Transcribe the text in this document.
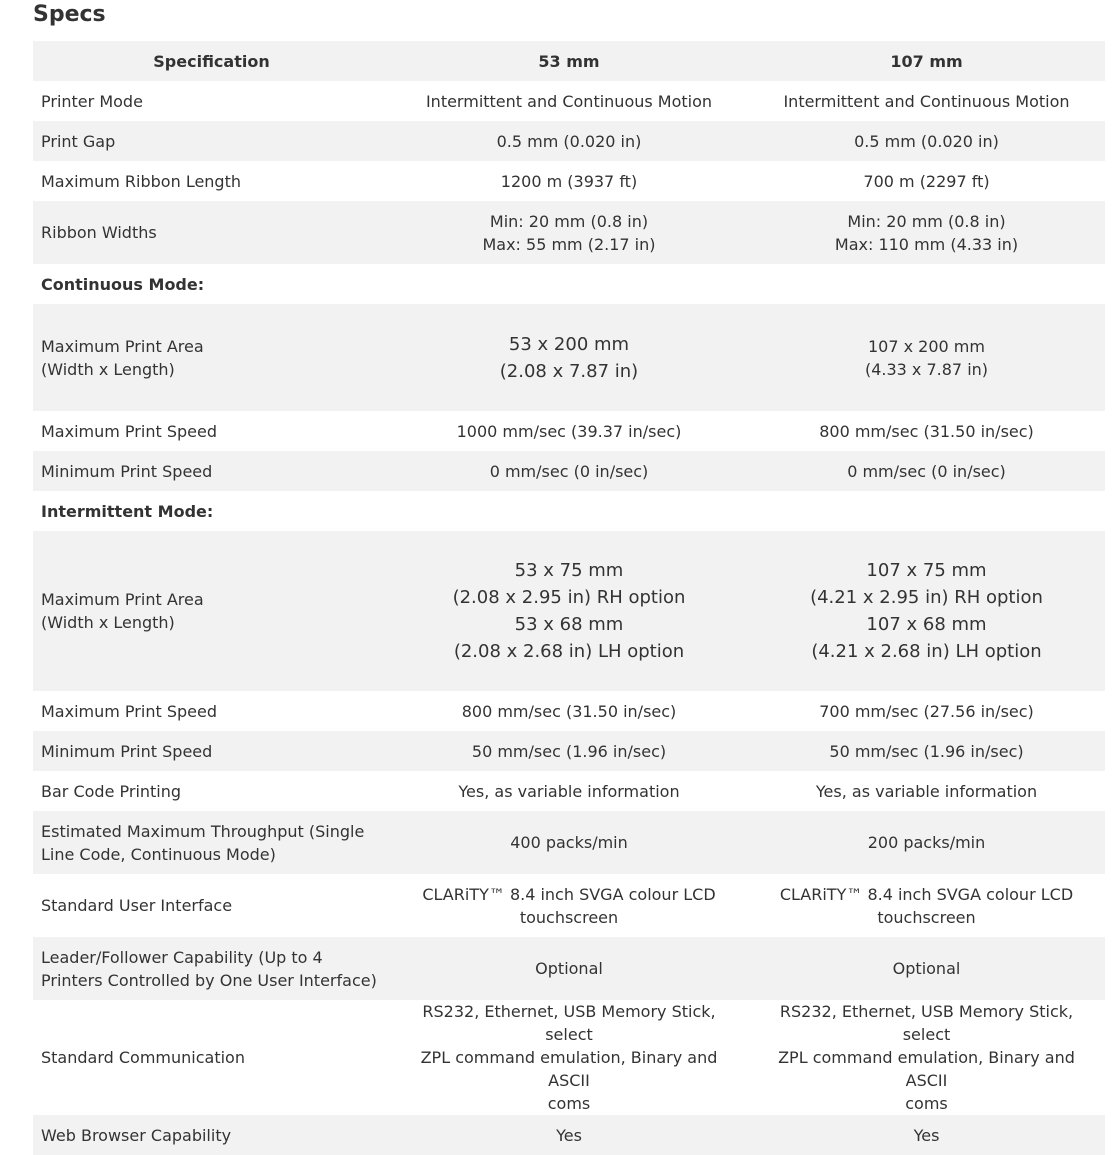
Specs
Specification	53 mm	107 mm
Printer Mode	Intermittent and Continuous Motion	Intermittent and Continuous Motion
Print Gap	0.5 mm (0.020 in)	0.5 mm (0.020 in)
Maximum Ribbon Length	1200 m (3937 ft)	700 m (2297 ft)
Ribbon Widths	Min: 20 mm (0.8 in)
Max: 55 mm (2.17 in)	Min: 20 mm (0.8 in)
Max: 110 mm (4.33 in)

Continuous Mode:		

Maximum Print Area
(Width x Length)	53 x 200 mm
(2.08 x 7.87 in)	107 x 200 mm
(4.33 x 7.87 in)

Maximum Print Speed	1000 mm/sec (39.37 in/sec)	800 mm/sec (31.50 in/sec)
Minimum Print Speed	0 mm/sec (0 in/sec)	0 mm/sec (0 in/sec)
Intermittent Mode:		

Maximum Print Area
(Width x Length)	53 x 75 mm
(2.08 x 2.95 in) RH option
53 x 68 mm
(2.08 x 2.68 in) LH option	107 x 75 mm
(4.21 x 2.95 in) RH option
107 x 68 mm
(4.21 x 2.68 in) LH option

Maximum Print Speed	800 mm/sec (31.50 in/sec)	700 mm/sec (27.56 in/sec)
Minimum Print Speed	50 mm/sec (1.96 in/sec)	50 mm/sec (1.96 in/sec)
Bar Code Printing	Yes, as variable information	Yes, as variable information

Estimated Maximum Throughput (Single
Line Code, Continuous Mode)	400 packs/min	200 packs/min
Standard User Interface	CLARiTY™ 8.4 inch SVGA colour LCD
touchscreen	CLARiTY™ 8.4 inch SVGA colour LCD
touchscreen

Leader/Follower Capability (Up to 4
Printers Controlled by One User Interface)	Optional	Optional
Standard Communication	RS232, Ethernet, USB Memory Stick, select
ZPL command emulation, Binary and ASCII
coms	RS232, Ethernet, USB Memory Stick, select
ZPL command emulation, Binary and ASCII
coms

Web Browser Capability	Yes	Yes
